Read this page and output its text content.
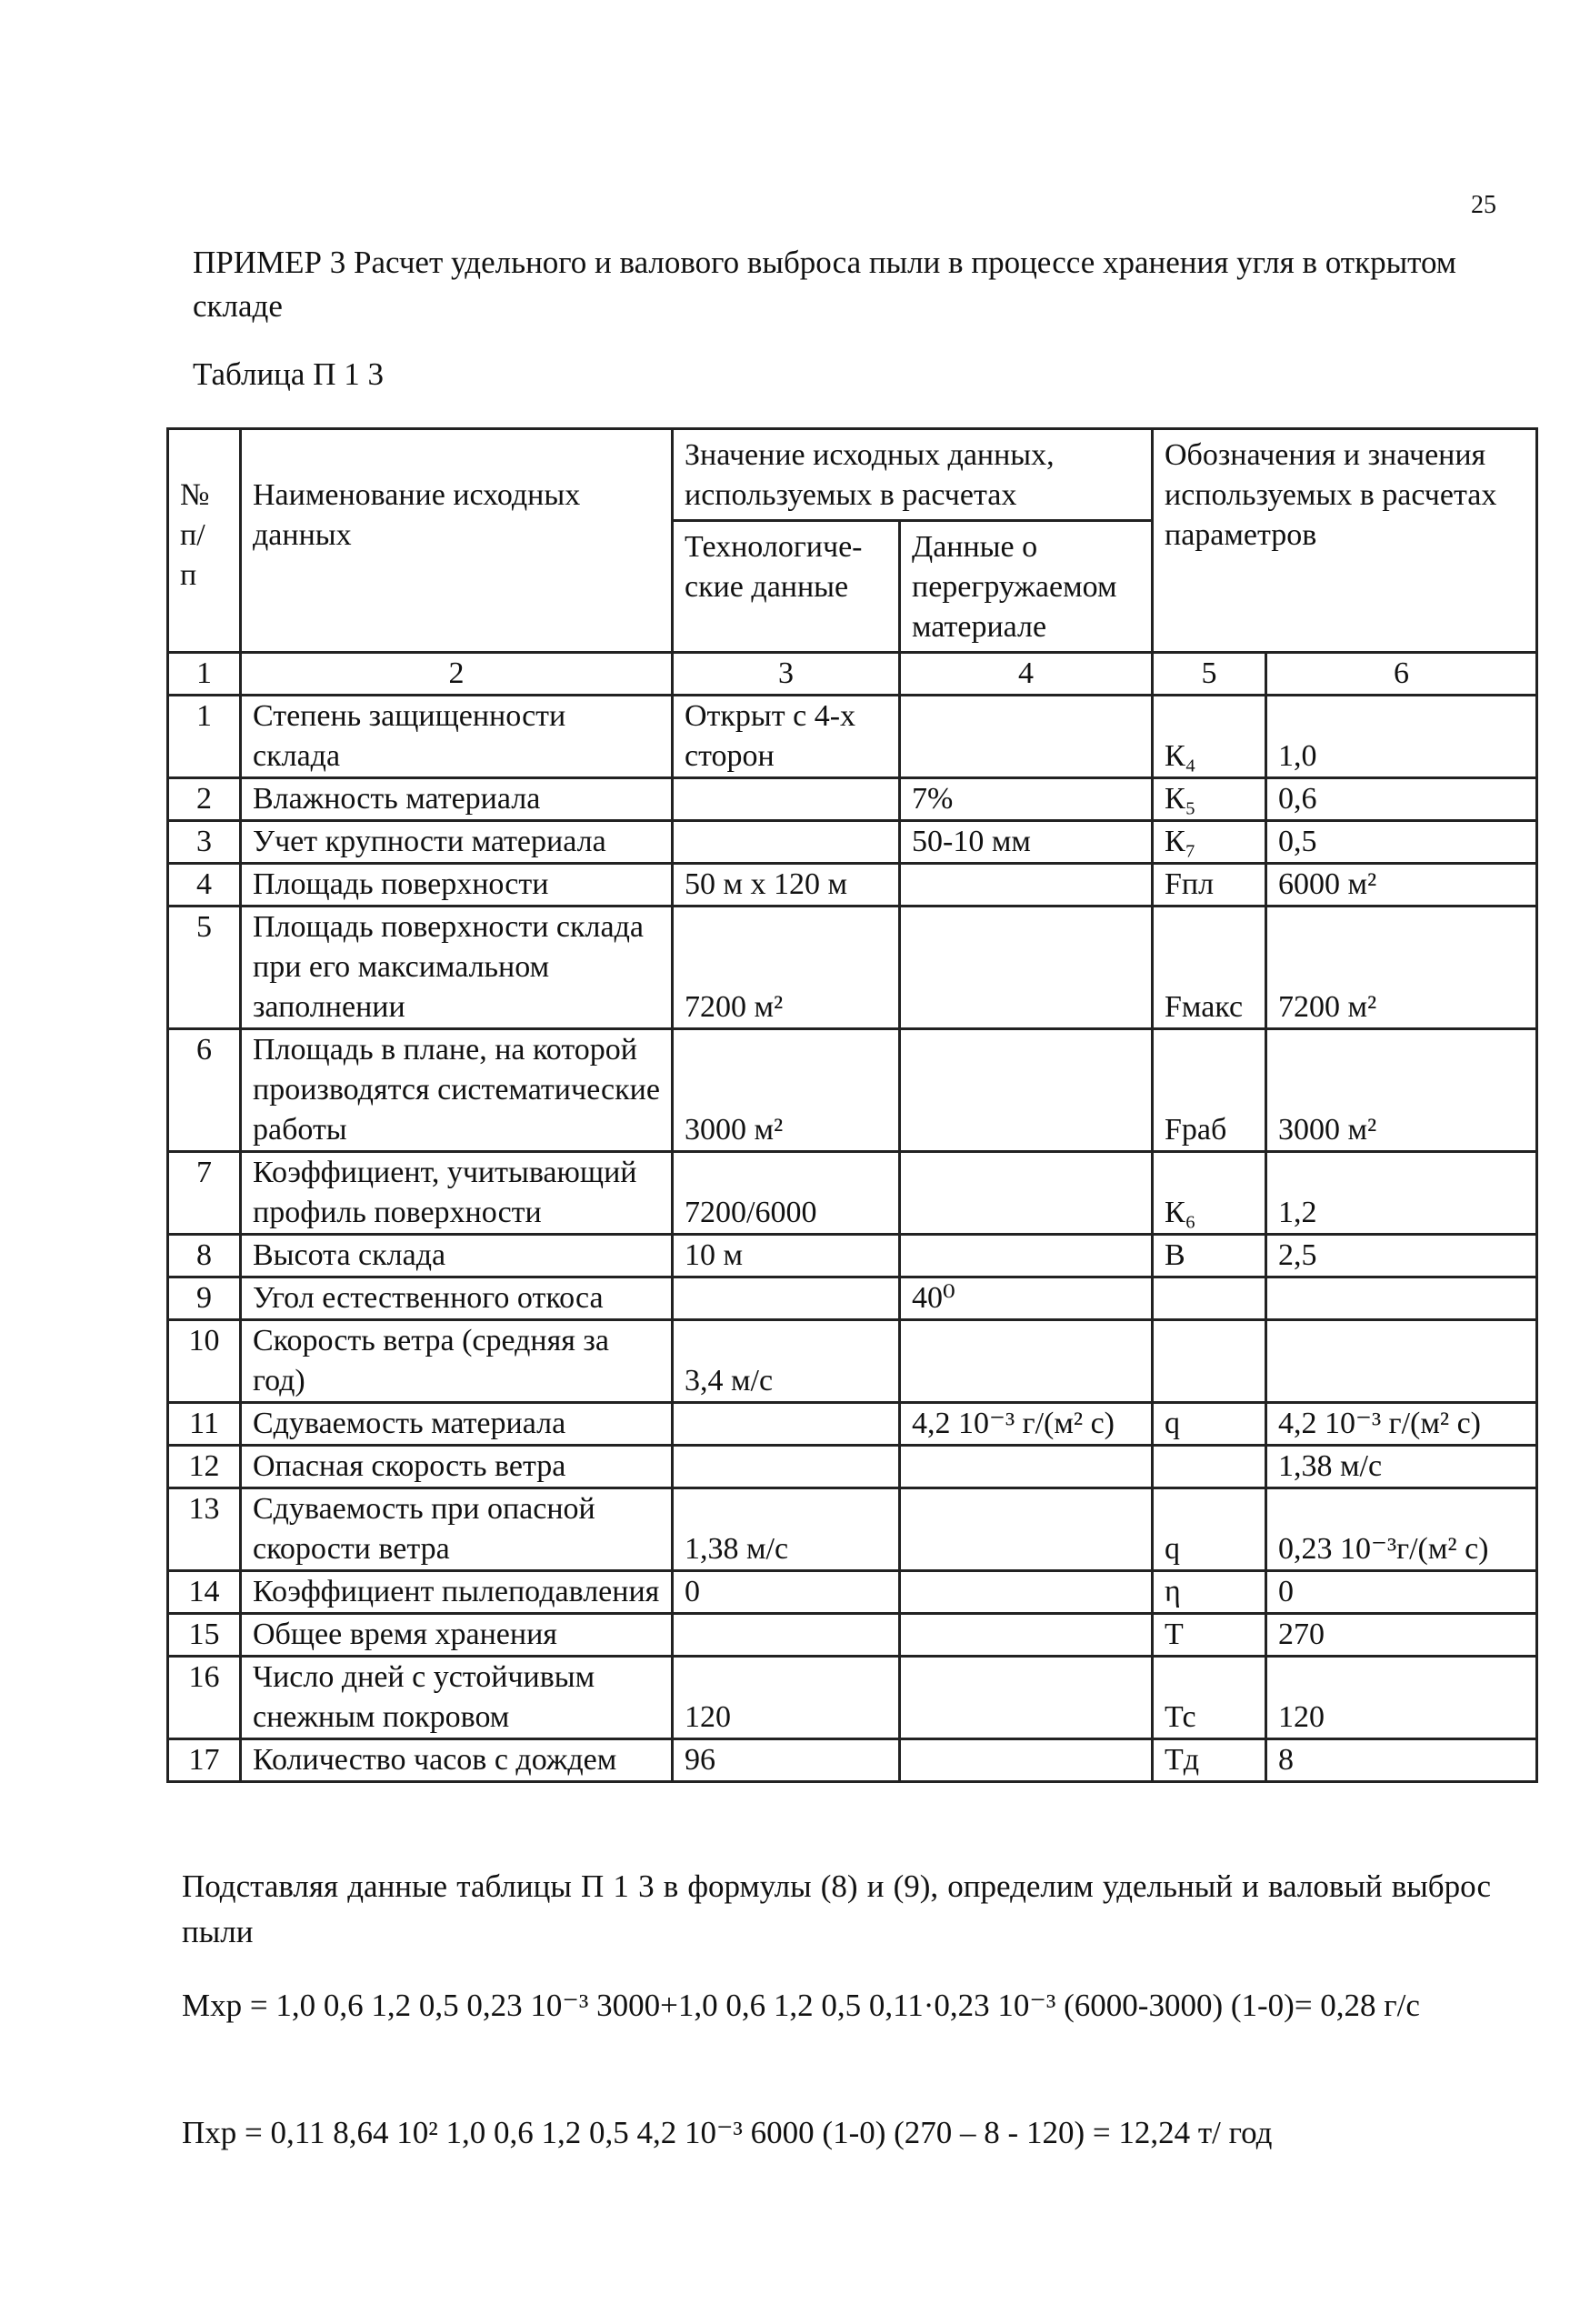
25
ПРИМЕР 3 Расчет удельного и валового выброса пыли в процессе хранения угля в открытом складе
Таблица П 1 3
№ п/ п	Наименование исходных данных	Значение исходных данных, используемых в расчетах		Обозначения и значения используемых в расчетах параметров	
		Технологиче-ские данные	Данные о перегружаемом материале		
1	2	3	4	5	6
1	Степень защищенности склада	Открыт с 4-х сторон		К₄	1,0
2	Влажность материала		7%	К₅	0,6
3	Учет крупности материала		50-10 мм	К₇	0,5
4	Площадь поверхности	50 м х 120 м		Fпл	6000 м²
5	Площадь поверхности склада при его максимальном заполнении	7200 м²		Fмакс	7200 м²
6	Площадь в плане, на которой производятся систематические работы	3000 м²		Fраб	3000 м²
7	Коэффициент, учитывающий профиль поверхности	7200/6000		К₆	1,2
8	Высота склада	10 м		В	2,5
9	Угол естественного откоса		40⁰		
10	Скорость ветра (средняя за год)	3,4 м/с			
11	Сдуваемость материала		4,2 10⁻³ г/(м² с)	q	4,2 10⁻³ г/(м² с)
12	Опасная скорость ветра				1,38 м/с
13	Сдуваемость при опасной скорости ветра	1,38 м/с		q	0,23 10⁻³г/(м² с)
14	Коэффициент пылеподавления	0		η	0
15	Общее время хранения			Т	270
16	Число дней с устойчивым снежным покровом	120		Тс	120
17	Количество часов с дождем	96		Тд	8
Подставляя данные таблицы П 1 3 в формулы (8) и (9), определим удельный и валовый выброс пыли
Мхр = 1,0 0,6 1,2 0,5 0,23 10⁻³ 3000+1,0 0,6 1,2 0,5 0,11·0,23 10⁻³ (6000-3000) (1-0)= 0,28 г/с
Пхр = 0,11 8,64 10² 1,0 0,6 1,2 0,5 4,2 10⁻³ 6000 (1-0) (270 – 8 - 120) = 12,24 т/ год
